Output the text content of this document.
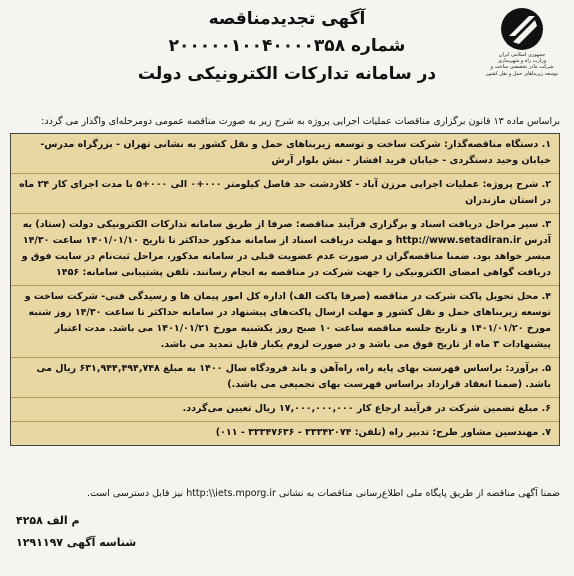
جمهوری اسلامی ایران
وزارت راه و شهرسازی
شرکت مادر تخصصی ساخت و
توسعه زیربناهای حمل و نقل کشور
آگهی تجدیدمناقصه
شماره ۲۰۰۰۰۰۱۰۰۴۰۰۰۰۳۵۸
در سامانه تدارکات الکترونیکی دولت
براساس ماده ۱۳ قانون برگزاری مناقصات عملیات اجرایی پروژه به شرح زیر به صورت مناقصه عمومی دومرحله‌ای واگذار می گردد:
۱. دستگاه مناقصه‌گذار: شرکت ساخت و توسعه زیربناهای حمل و نقل کشور به نشانی تهران - بزرگراه مدرس- خیابان وحید دستگردی - خیابان فرید افشار - نبش بلوار آرش
۲. شرح پروژه: عملیات اجرایی مرزن آباد - کلاردشت حد فاصل کیلومتر ۰۰۰+۰ الی ۰۰۰+۵ با مدت اجرای کار ۲۴ ماه در استان مازندران
۳. سیر مراحل دریافت اسناد و برگزاری فرآیند مناقصه: صرفا از طریق سامانه تدارکات الکترونیکی دولت (ستاد) به آدرس http://www.setadiran.ir و مهلت دریافت اسناد از سامانه مذکور حداکثر تا تاریخ ۱۴۰۱/۰۱/۱۰ ساعت ۱۴/۳۰ میسر خواهد بود. ضمنا مناقصه‌گران در صورت عدم عضویت قبلی در سامانه مذکور، مراحل ثبت‌نام در سایت فوق و دریافت گواهی امضای الکترونیکی را جهت شرکت در مناقصه به انجام رسانند. تلفن پشتیبانی سامانه: ۱۴۵۶
۴. محل تحویل پاکت شرکت در مناقصه (صرفا پاکت الف) اداره کل امور پیمان ها و رسیدگی فنی- شرکت ساخت و توسعه زیربناهای حمل و نقل کشور و مهلت ارسال پاکت‌های پیشنهاد در سامانه حداکثر تا ساعت ۱۴/۳۰ روز شنبه مورخ ۱۴۰۱/۰۱/۲۰ و تاریخ جلسه مناقصه ساعت ۱۰ صبح روز یکشنبه مورخ ۱۴۰۱/۰۱/۲۱ می باشد. مدت اعتبار پیشنهادات ۳ ماه از تاریخ فوق می باشد و در صورت لزوم یکبار قابل تمدید می باشد.
۵. برآورد: براساس فهرست بهای پایه راه، راه‌آهن و باند فرودگاه سال ۱۴۰۰ به مبلغ ۶۳۱,۹۴۴,۴۹۴,۷۴۸ ریال می باشد. (ضمنا انعقاد قرارداد براساس فهرست بهای تجمیعی می باشد.)
۶. مبلغ تضمین شرکت در فرآیند ارجاع کار ۱۷,۰۰۰,۰۰۰,۰۰۰ ریال تعیین می‌گردد.
۷. مهندسین مشاور طرح: تدبیر راه (تلفن: ۳۳۳۴۲۰۷۴ - ۳۳۳۴۷۶۳۶ - ۰۱۱)
ضمنا آگهی مناقصه از طریق پایگاه ملی اطلاع‌رسانی مناقصات به نشانی http:\\iets.mporg.ir نیز قابل دسترسی است.
م الف ۴۲۵۸
شناسه آگهی ۱۲۹۱۱۹۷
